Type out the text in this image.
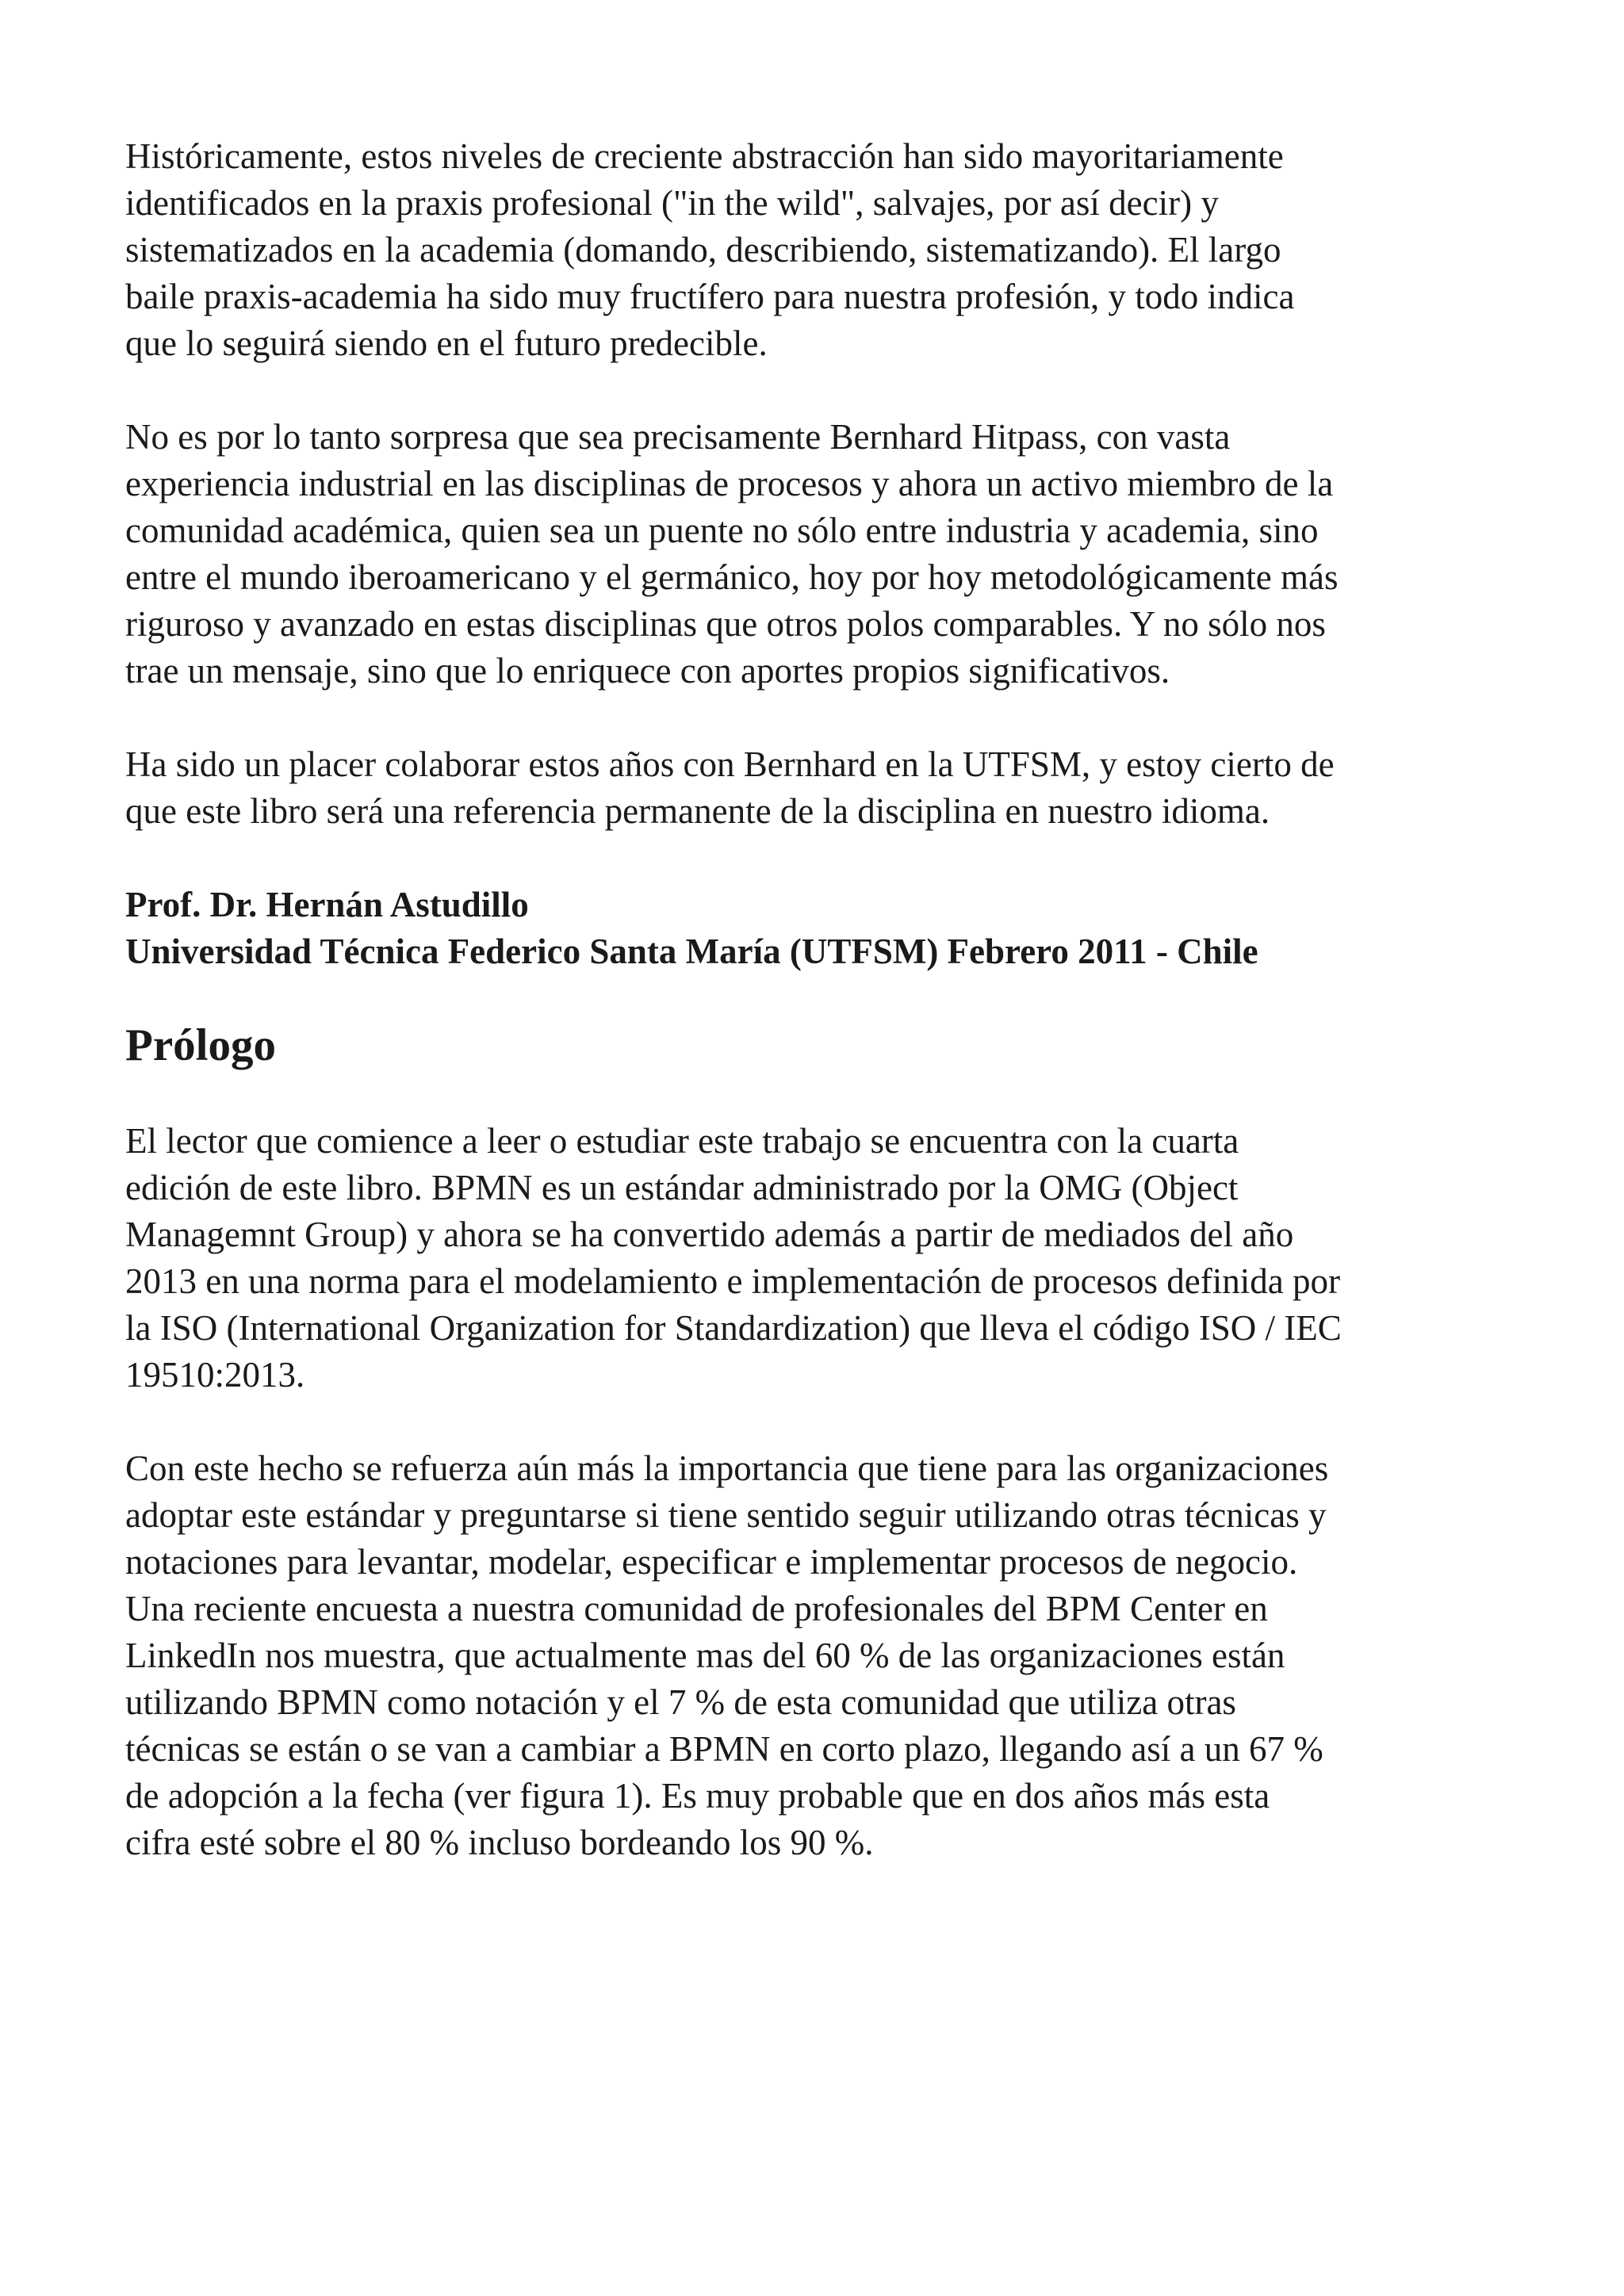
Históricamente, estos niveles de creciente abstracción han sido mayoritariamente
identificados en la praxis profesional ("in the wild", salvajes, por así decir) y
sistematizados en la academia (domando, describiendo, sistematizando). El largo
baile praxis-academia ha sido muy fructífero para nuestra profesión, y todo indica
que lo seguirá siendo en el futuro predecible.

No es por lo tanto sorpresa que sea precisamente Bernhard Hitpass, con vasta
experiencia industrial en las disciplinas de procesos y ahora un activo miembro de la
comunidad académica, quien sea un puente no sólo entre industria y academia, sino
entre el mundo iberoamericano y el germánico, hoy por hoy metodológicamente más
riguroso y avanzado en estas disciplinas que otros polos comparables. Y no sólo nos
trae un mensaje, sino que lo enriquece con aportes propios significativos.

Ha sido un placer colaborar estos años con Bernhard en la UTFSM, y estoy cierto de
que este libro será una referencia permanente de la disciplina en nuestro idioma.

Prof. Dr. Hernán Astudillo

Universidad Técnica Federico Santa María (UTFSM) Febrero 2011 - Chile

Prólogo

El lector que comience a leer o estudiar este trabajo se encuentra con la cuarta
edición de este libro. BPMN es un estándar administrado por la OMG (Object
Managemnt Group) y ahora se ha convertido además a partir de mediados del año
2013 en una norma para el modelamiento e implementación de procesos definida por
la ISO (International Organization for Standardization) que lleva el código ISO / IEC
19510:2013.

Con este hecho se refuerza aún más la importancia que tiene para las organizaciones
adoptar este estándar y preguntarse si tiene sentido seguir utilizando otras técnicas y
notaciones para levantar, modelar, especificar e implementar procesos de negocio.
Una reciente encuesta a nuestra comunidad de profesionales del BPM Center en
LinkedIn nos muestra, que actualmente mas del 60 % de las organizaciones están
utilizando BPMN como notación y el 7 % de esta comunidad que utiliza otras
técnicas se están o se van a cambiar a BPMN en corto plazo, llegando así a un 67 %
de adopción a la fecha (ver figura 1). Es muy probable que en dos años más esta
cifra esté sobre el 80 % incluso bordeando los 90 %.
